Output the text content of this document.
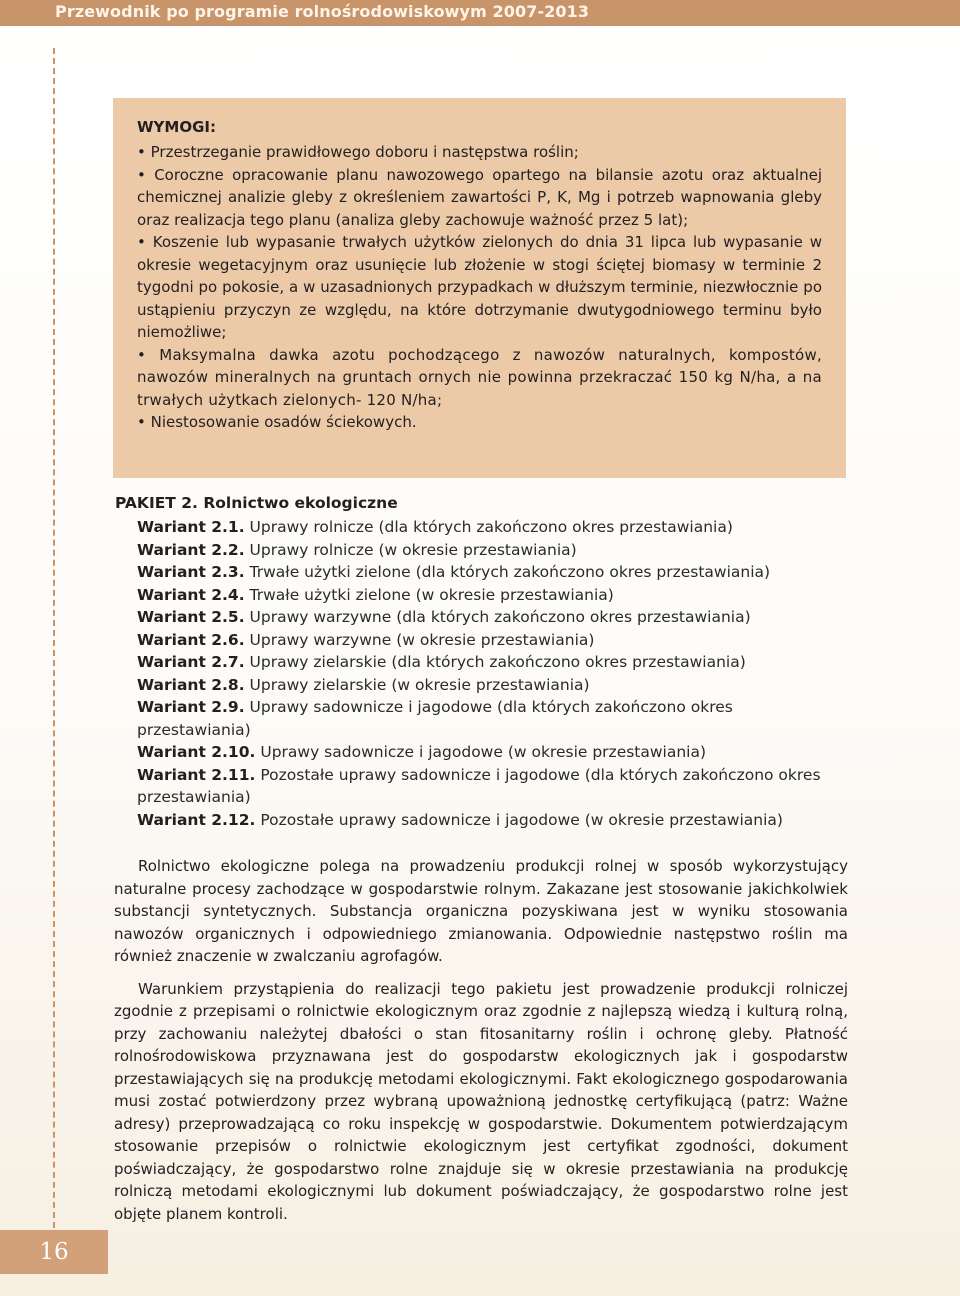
Przewodnik po programie rolnośrodowiskowym 2007-2013

WYMOGI:

• Przestrzeganie prawidłowego doboru i następstwa roślin;

• Coroczne opracowanie planu nawozowego opartego na bilansie azotu oraz aktualnej chemicznej analizie gleby z określeniem zawartości P, K, Mg i potrzeb wapnowania gleby oraz realizacja tego planu (analiza gleby zachowuje ważność przez 5 lat);

• Koszenie lub wypasanie trwałych użytków zielonych do dnia 31 lipca lub wypasanie w okresie wegetacyjnym oraz usunięcie lub złożenie w stogi ściętej biomasy w terminie 2 tygodni po pokosie, a w uzasadnionych przypadkach w dłuższym terminie, niezwłocznie po ustąpieniu przyczyn ze względu, na które dotrzymanie dwutygodniowego terminu było niemożliwe;

• Maksymalna dawka azotu pochodzącego z nawozów naturalnych, kompostów, nawozów mineralnych na gruntach ornych nie powinna przekraczać 150 kg N/ha, a na trwałych użytkach zielonych- 120 N/ha;

• Niestosowanie osadów ściekowych.

PAKIET 2. Rolnictwo ekologiczne

Wariant 2.1. Uprawy rolnicze (dla których zakończono okres przestawiania)

Wariant 2.2. Uprawy rolnicze (w okresie przestawiania)

Wariant 2.3. Trwałe użytki zielone (dla których zakończono okres przestawiania)

Wariant 2.4. Trwałe użytki zielone (w okresie przestawiania)

Wariant 2.5. Uprawy warzywne (dla których zakończono okres przestawiania)

Wariant 2.6. Uprawy warzywne (w okresie przestawiania)

Wariant 2.7. Uprawy zielarskie (dla których zakończono okres przestawiania)

Wariant 2.8. Uprawy zielarskie (w okresie przestawiania)

Wariant 2.9. Uprawy sadownicze i jagodowe (dla których zakończono okres przestawiania)

Wariant 2.10. Uprawy sadownicze i jagodowe (w okresie przestawiania)

Wariant 2.11. Pozostałe uprawy sadownicze i jagodowe (dla których zakończono okres przestawiania)

Wariant 2.12. Pozostałe uprawy sadownicze i jagodowe (w okresie przestawiania)

Rolnictwo ekologiczne polega na prowadzeniu produkcji rolnej w sposób wykorzystujący naturalne procesy zachodzące w gospodarstwie rolnym. Zakazane jest stosowanie jakichkolwiek substancji syntetycznych. Substancja organiczna pozyskiwana jest w wyniku stosowania nawozów organicznych i odpowiedniego zmianowania. Odpowiednie następstwo roślin ma również znaczenie w zwalczaniu agrofagów.

Warunkiem przystąpienia do realizacji tego pakietu jest prowadzenie produkcji rolniczej zgodnie z przepisami o rolnictwie ekologicznym oraz zgodnie z najlepszą wiedzą i kulturą rolną, przy zachowaniu należytej dbałości o stan fitosanitarny roślin i ochronę gleby. Płatność rolnośrodowiskowa przyznawana jest do gospodarstw ekologicznych jak i gospodarstw przestawiających się na produkcję metodami ekologicznymi. Fakt ekologicznego gospodarowania musi zostać potwierdzony przez wybraną upoważnioną jednostkę certyfikującą (patrz: Ważne adresy) przeprowadzającą co roku inspekcję w gospodarstwie. Dokumentem potwierdzającym stosowanie przepisów o rolnictwie ekologicznym jest certyfikat zgodności, dokument poświadczający, że gospodarstwo rolne znajduje się w okresie przestawiania na produkcję rolniczą metodami ekologicznymi lub dokument poświadczający, że gospodarstwo rolne jest objęte planem kontroli.

16
